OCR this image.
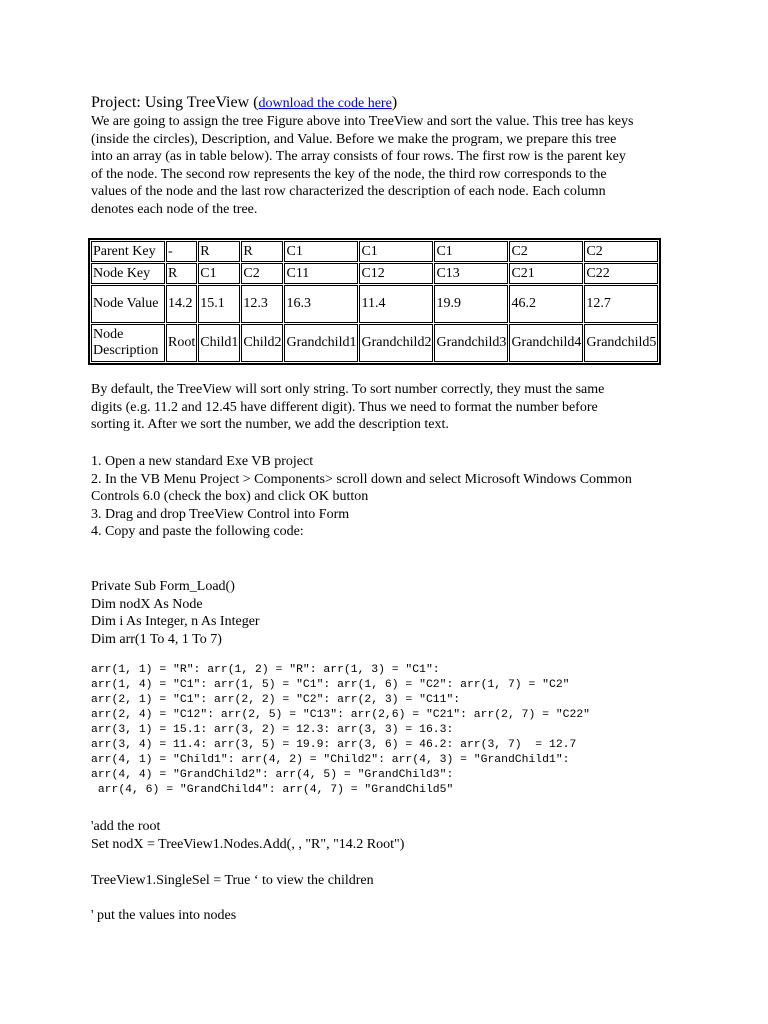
Project: Using TreeView (download the code here)
We are going to assign the tree Figure above into TreeView and sort the value. This tree has keys
(inside the circles), Description, and Value. Before we make the program, we prepare this tree
into an array (as in table below). The array consists of four rows. The first row is the parent key
of the node. The second row represents the key of the node, the third row corresponds to the
values of the node and the last row characterized the description of each node. Each column
denotes each node of the tree.
Parent Key	-	R	R	C1	C1	C1	C2	C2
Node Key	R	C1	C2	C11	C12	C13	C21	C22
Node Value	14.2	15.1	12.3	16.3	11.4	19.9	46.2	12.7
Node Description	Root	Child1	Child2	Grandchild1	Grandchild2	Grandchild3	Grandchild4	Grandchild5
By default, the TreeView will sort only string. To sort number correctly, they must the same
digits (e.g. 11.2 and 12.45 have different digit). Thus we need to format the number before
sorting it. After we sort the number, we add the description text.
1. Open a new standard Exe VB project
2. In the VB Menu Project > Components> scroll down and select Microsoft Windows Common
Controls 6.0 (check the box) and click OK button
3. Drag and drop TreeView Control into Form
4. Copy and paste the following code:
Private Sub Form_Load()
Dim nodX As Node
Dim i As Integer, n As Integer
Dim arr(1 To 4, 1 To 7)
arr(1, 1) = "R": arr(1, 2) = "R": arr(1, 3) = "C1":
arr(1, 4) = "C1": arr(1, 5) = "C1": arr(1, 6) = "C2": arr(1, 7) = "C2"
arr(2, 1) = "C1": arr(2, 2) = "C2": arr(2, 3) = "C11":
arr(2, 4) = "C12": arr(2, 5) = "C13": arr(2,6) = "C21": arr(2, 7) = "C22"
arr(3, 1) = 15.1: arr(3, 2) = 12.3: arr(3, 3) = 16.3:
arr(3, 4) = 11.4: arr(3, 5) = 19.9: arr(3, 6) = 46.2: arr(3, 7)  = 12.7
arr(4, 1) = "Child1": arr(4, 2) = "Child2": arr(4, 3) = "GrandChild1":
arr(4, 4) = "GrandChild2": arr(4, 5) = "GrandChild3":
arr(4, 6) = "GrandChild4": arr(4, 7) = "GrandChild5"
'add the root
Set nodX = TreeView1.Nodes.Add(, , "R", "14.2 Root")
TreeView1.SingleSel = True ‘ to view the children
' put the values into nodes
